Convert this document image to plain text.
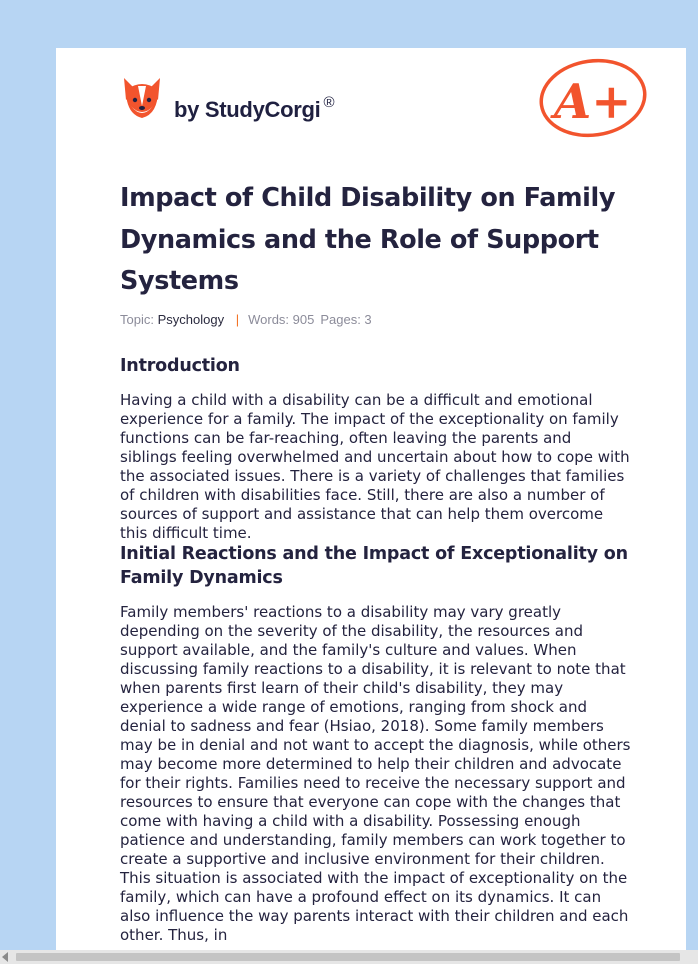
by StudyCorgi ®	A+
Impact of Child Disability on Family Dynamics and the Role of Support Systems
Topic: Psychology | Words: 905 Pages: 3
Introduction

Having a child with a disability can be a difficult and emotional experience for a family. The impact of the exceptionality on family functions can be far-reaching, often leaving the parents and siblings feeling overwhelmed and uncertain about how to cope with the associated issues. There is a variety of challenges that families of children with disabilities face. Still, there are also a number of sources of support and assistance that can help them overcome this difficult time.

Initial Reactions and the Impact of Exceptionality on Family Dynamics

Family members' reactions to a disability may vary greatly depending on the severity of the disability, the resources and support available, and the family's culture and values. When discussing family reactions to a disability, it is relevant to note that when parents first learn of their child's disability, they may experience a wide range of emotions, ranging from shock and denial to sadness and fear (Hsiao, 2018). Some family members may be in denial and not want to accept the diagnosis, while others may become more determined to help their children and advocate for their rights. Families need to receive the necessary support and resources to ensure that everyone can cope with the changes that come with having a child with a disability. Possessing enough patience and understanding, family members can work together to create a supportive and inclusive environment for their children. This situation is associated with the impact of exceptionality on the family, which can have a profound effect on its dynamics. It can also influence the way parents interact with their children and each other. Thus, in
